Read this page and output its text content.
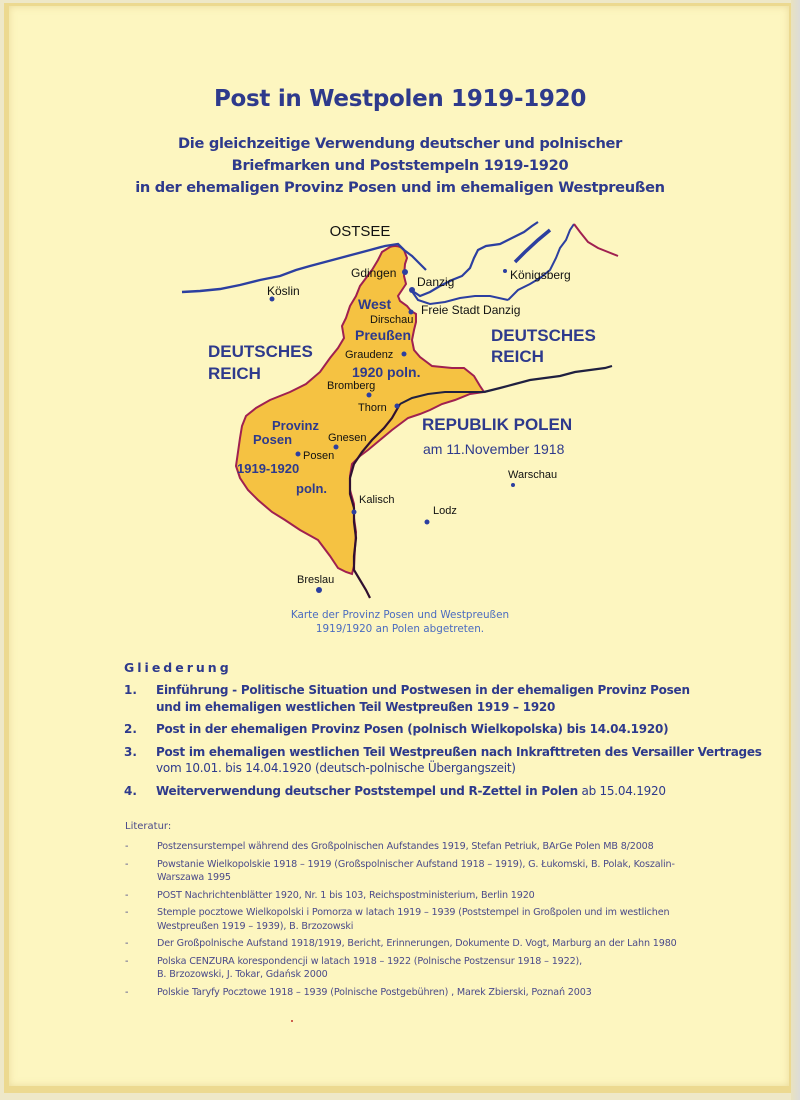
Post in Westpolen 1919-1920
Die gleichzeitige Verwendung deutscher und polnischer
Briefmarken und Poststempeln 1919-1920
in der ehemaligen Provinz Posen und im ehemaligen Westpreußen
OSTSEE
DEUTSCHES
REICH
DEUTSCHES
REICH
REPUBLIK POLEN
am 11.November 1918
West
Preußen
1920 poln.
Provinz
Posen
1919-1920
poln.
Freie Stadt Danzig
Köslin
Gdingen
Danzig	Königsberg
Dirschau
Graudenz
Bromberg
Thorn
Gnesen
Posen
Kalisch
Lodz
Warschau
Breslau
Karte der Provinz Posen und Westpreußen
1919/1920 an Polen abgetreten.
Gliederung
1.	Einführung - Politische Situation und Postwesen in der ehemaligen Provinz Posen
und im ehemaligen westlichen Teil Westpreußen 1919 – 1920
2.	Post in der ehemaligen Provinz Posen (polnisch Wielkopolska) bis 14.04.1920)
3.	Post im ehemaligen westlichen Teil Westpreußen nach Inkrafttreten des Versailler Vertrages
vom 10.01. bis 14.04.1920 (deutsch-polnische Übergangszeit)
4.	Weiterverwendung deutscher Poststempel und R-Zettel in Polen ab 15.04.1920
Literatur:
-	Postzensurstempel während des Großpolnischen Aufstandes 1919, Stefan Petriuk, BArGe Polen MB 8/2008
-	Powstanie Wielkopolskie 1918 – 1919 (Großspolnischer Aufstand 1918 – 1919), G. Łukomski, B. Polak, Koszalin-
Warszawa 1995
-	POST Nachrichtenblätter 1920, Nr. 1 bis 103, Reichspostministerium, Berlin 1920
-	Stemple pocztowe Wielkopolski i Pomorza w latach 1919 – 1939 (Poststempel in Großpolen und im westlichen
Westpreußen 1919 – 1939), B. Brzozowski
-	Der Großpolnische Aufstand 1918/1919, Bericht, Erinnerungen, Dokumente D. Vogt, Marburg an der Lahn 1980
-	Polska CENZURA korespondencji w latach 1918 – 1922 (Polnische Postzensur 1918 – 1922),
B. Brzozowski, J. Tokar, Gdańsk 2000
-	Polskie Taryfy Pocztowe 1918 – 1939 (Polnische Postgebühren) , Marek Zbierski, Poznań 2003
